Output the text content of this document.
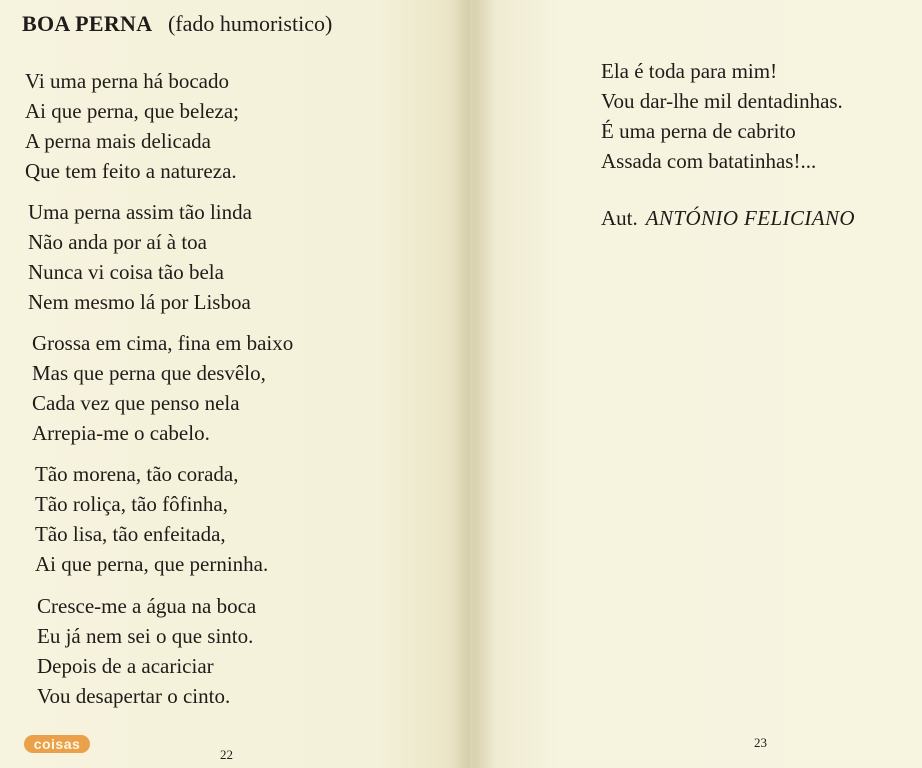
BOA PERNA (fado humoristico)
Vi uma perna há bocado
Ai que perna, que beleza;
A perna mais delicada
Que tem feito a natureza.
Uma perna assim tão linda
Não anda por aí à toa
Nunca vi coisa tão bela
Nem mesmo lá por Lisboa
Grossa em cima, fina em baixo
Mas que perna que desvêlo,
Cada vez que penso nela
Arrepia-me o cabelo.
Tão morena, tão corada,
Tão roliça, tão fôfinha,
Tão lisa, tão enfeitada,
Ai que perna, que perninha.
Cresce-me a água na boca
Eu já nem sei o que sinto.
Depois de a acariciar
Vou desapertar o cinto.
coisas
22
Ela é toda para mim!
Vou dar-lhe mil dentadinhas.
É uma perna de cabrito
Assada com batatinhas!...
Aut. ANTÓNIO FELICIANO
23
